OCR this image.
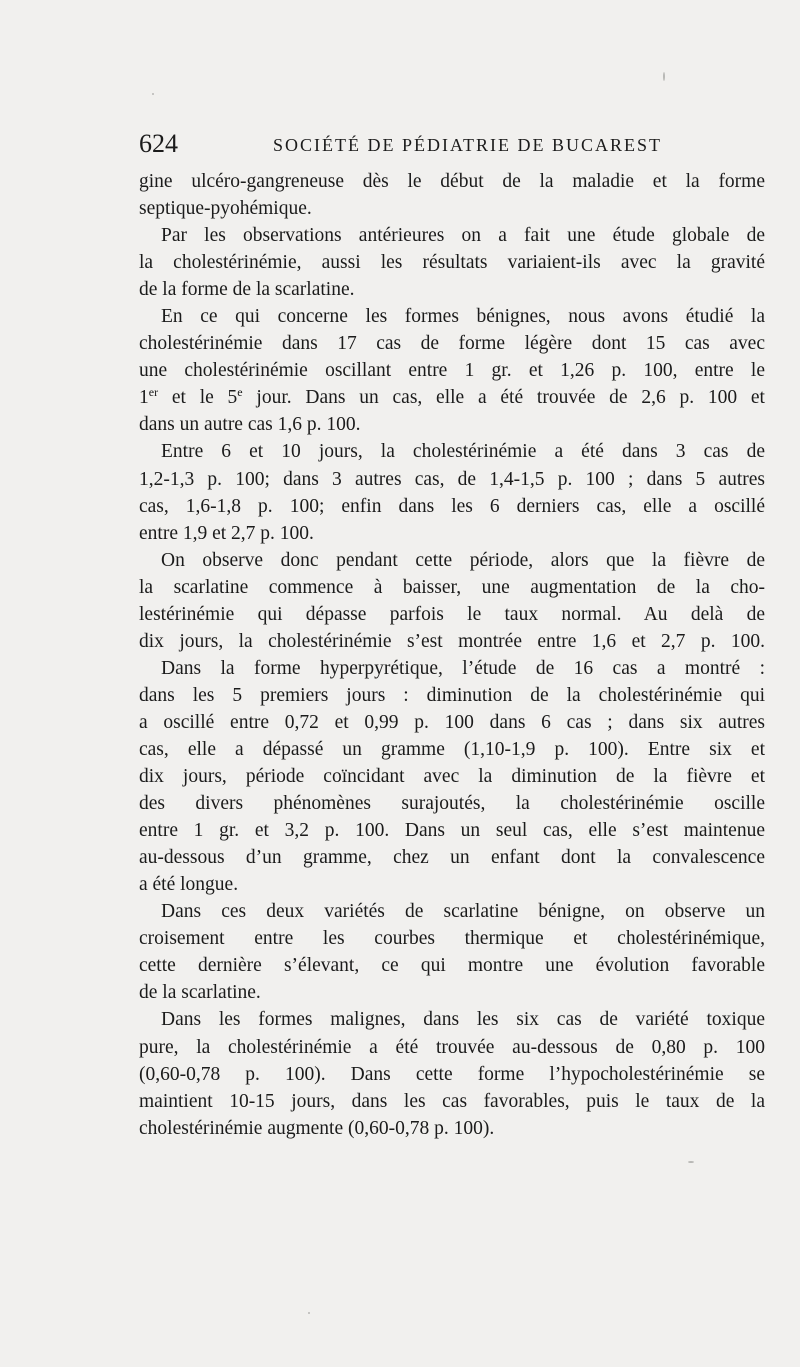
624	SOCIÉTÉ DE PÉDIATRIE DE BUCAREST
gine ulcéro-gangreneuse dès le début de la maladie et la forme
septique-pyohémique.
Par les observations antérieures on a fait une étude globale de
la cholestérinémie, aussi les résultats variaient-ils avec la gravité
de la forme de la scarlatine.
En ce qui concerne les formes bénignes, nous avons étudié la
cholestérinémie dans 17 cas de forme légère dont 15 cas avec
une cholestérinémie oscillant entre 1 gr. et 1,26 p. 100, entre le
1er et le 5e jour. Dans un cas, elle a été trouvée de 2,6 p. 100 et
dans un autre cas 1,6 p. 100.
Entre 6 et 10 jours, la cholestérinémie a été dans 3 cas de
1,2-1,3 p. 100; dans 3 autres cas, de 1,4-1,5 p. 100 ; dans 5 autres
cas, 1,6-1,8 p. 100; enfin dans les 6 derniers cas, elle a oscillé
entre 1,9 et 2,7 p. 100.
On observe donc pendant cette période, alors que la fièvre de
la scarlatine commence à baisser, une augmentation de la cho-
lestérinémie qui dépasse parfois le taux normal. Au delà de
dix jours, la cholestérinémie s’est montrée entre 1,6 et 2,7 p. 100.
Dans la forme hyperpyrétique, l’étude de 16 cas a montré :
dans les 5 premiers jours : diminution de la cholestérinémie qui
a oscillé entre 0,72 et 0,99 p. 100 dans 6 cas ; dans six autres
cas, elle a dépassé un gramme (1,10-1,9 p. 100). Entre six et
dix jours, période coïncidant avec la diminution de la fièvre et
des divers phénomènes surajoutés, la cholestérinémie oscille
entre 1 gr. et 3,2 p. 100. Dans un seul cas, elle s’est maintenue
au-dessous d’un gramme, chez un enfant dont la convalescence
a été longue.
Dans ces deux variétés de scarlatine bénigne, on observe un
croisement entre les courbes thermique et cholestérinémique,
cette dernière s’élevant, ce qui montre une évolution favorable
de la scarlatine.
Dans les formes malignes, dans les six cas de variété toxique
pure, la cholestérinémie a été trouvée au-dessous de 0,80 p. 100
(0,60-0,78 p. 100). Dans cette forme l’hypocholestérinémie se
maintient 10-15 jours, dans les cas favorables, puis le taux de la
cholestérinémie augmente (0,60-0,78 p. 100).
